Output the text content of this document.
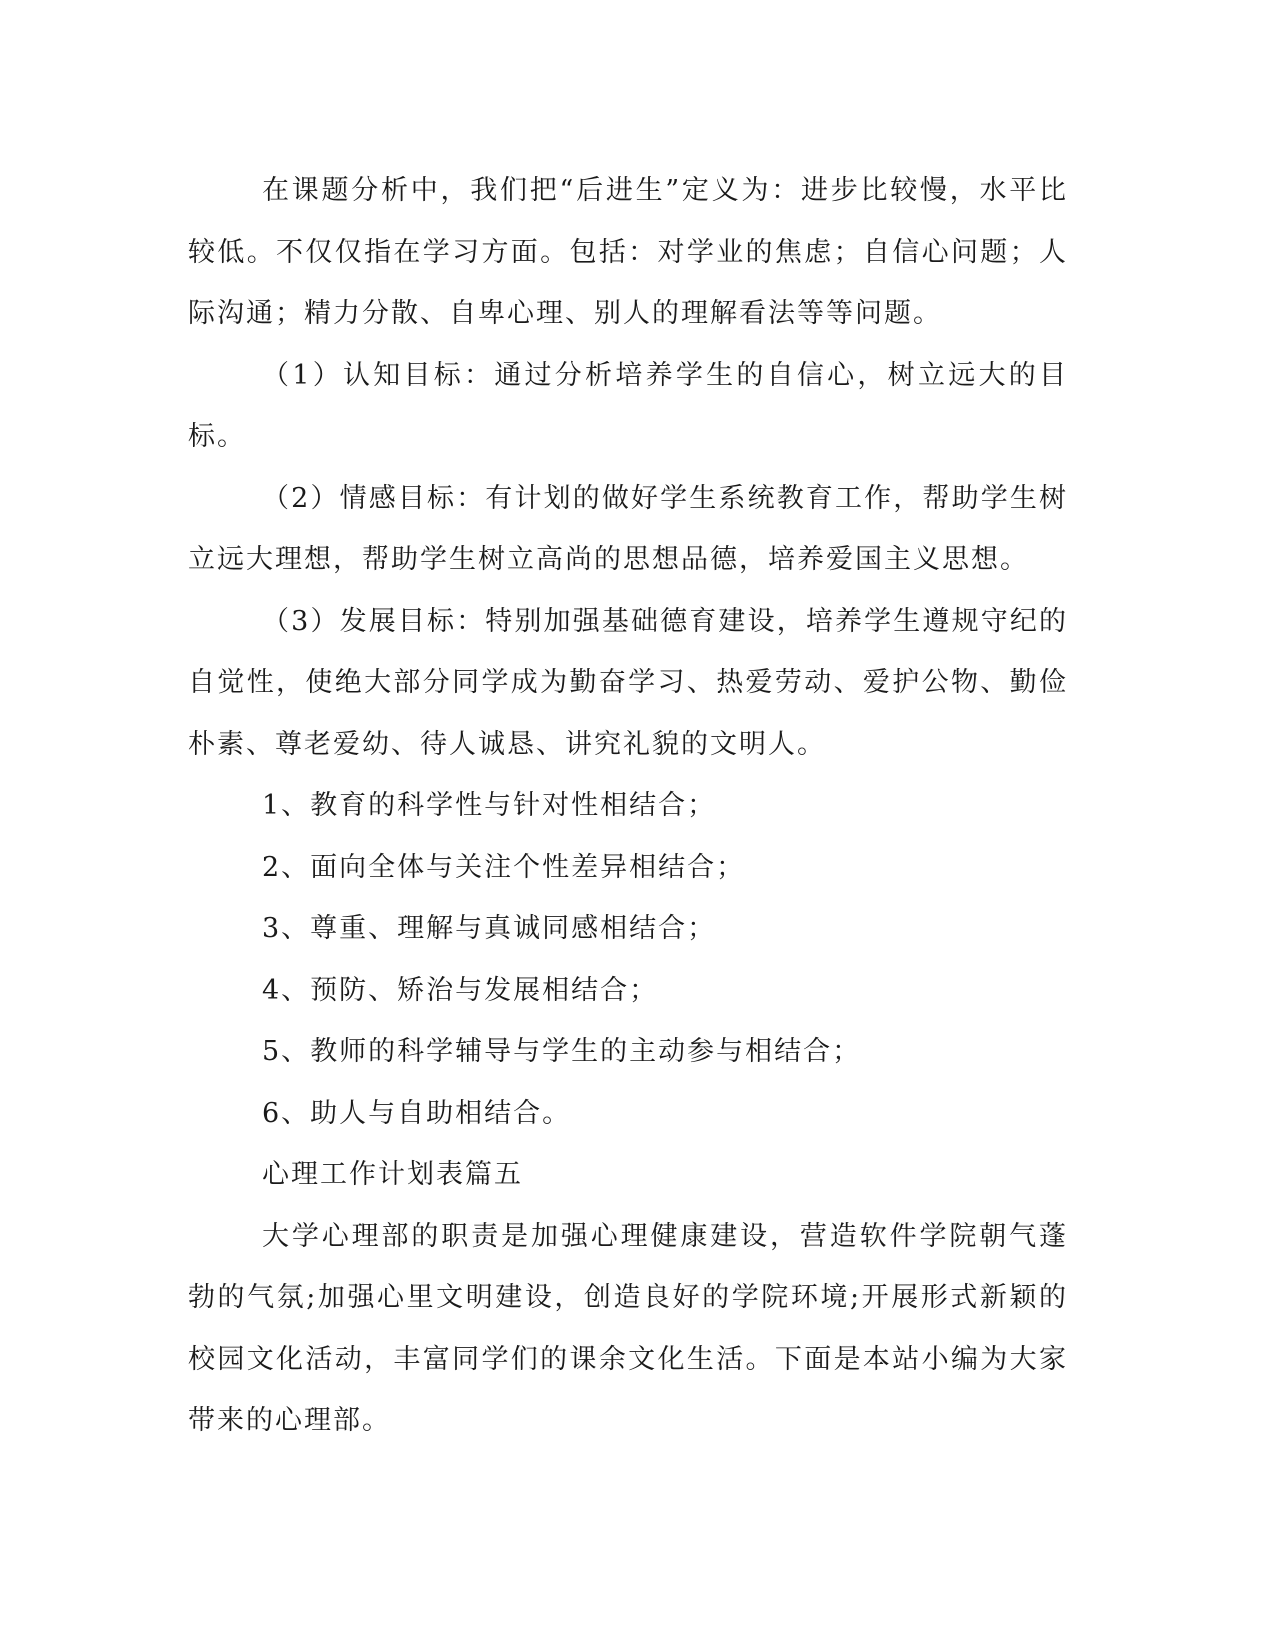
在课题分析中，我们把“后进生”定义为：进步比较慢，水平比较低。不仅仅指在学习方面。包括：对学业的焦虑；自信心问题；人际沟通；精力分散、自卑心理、别人的理解看法等等问题。

（1）认知目标：通过分析培养学生的自信心，树立远大的目标。

（2）情感目标：有计划的做好学生系统教育工作，帮助学生树立远大理想，帮助学生树立高尚的思想品德，培养爱国主义思想。

（3）发展目标：特别加强基础德育建设，培养学生遵规守纪的自觉性，使绝大部分同学成为勤奋学习、热爱劳动、爱护公物、勤俭朴素、尊老爱幼、待人诚恳、讲究礼貌的文明人。

1、教育的科学性与针对性相结合；
2、面向全体与关注个性差异相结合；
3、尊重、理解与真诚同感相结合；
4、预防、矫治与发展相结合；
5、教师的科学辅导与学生的主动参与相结合；
6、助人与自助相结合。
心理工作计划表篇五

大学心理部的职责是加强心理健康建设，营造软件学院朝气蓬勃的气氛;加强心里文明建设，创造良好的学院环境;开展形式新颖的校园文化活动，丰富同学们的课余文化生活。下面是本站小编为大家带来的心理部。
